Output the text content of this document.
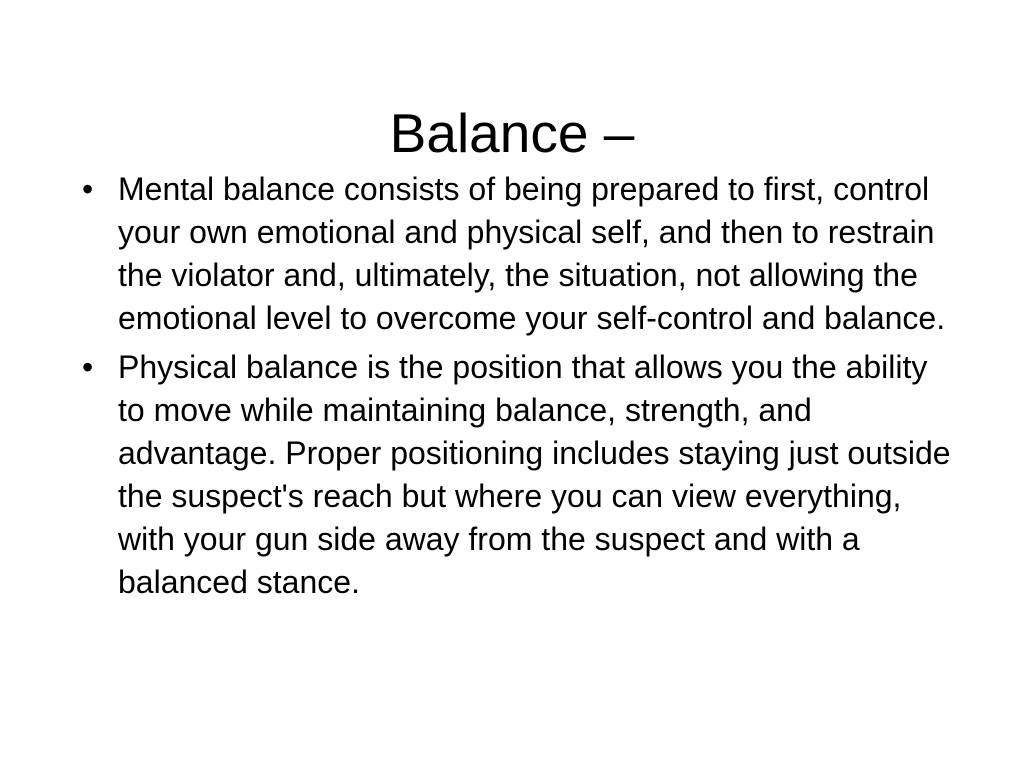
Balance –
• Mental balance consists of being prepared to first, control your own emotional and physical self, and then to restrain the violator and, ultimately, the situation, not allowing the emotional level to overcome your self-control and balance.
• Physical balance is the position that allows you the ability to move while maintaining balance, strength, and advantage. Proper positioning includes staying just outside the suspect's reach but where you can view everything, with your gun side away from the suspect and with a balanced stance.
